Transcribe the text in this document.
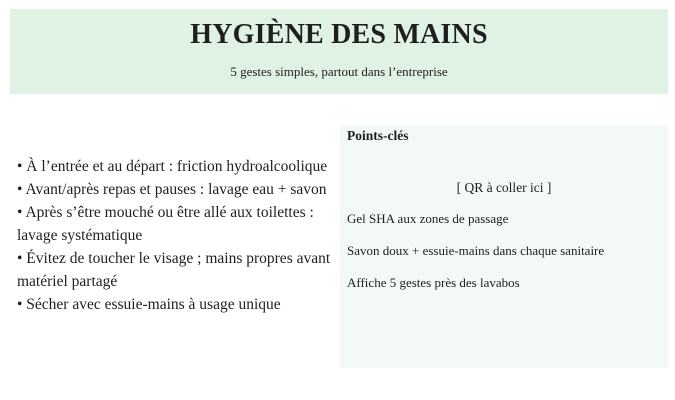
HYGIÈNE DES MAINS
5 gestes simples, partout dans l’entreprise
• À l’entrée et au départ : friction hydroalcoolique
• Avant/après repas et pauses : lavage eau + savon
• Après s’être mouché ou être allé aux toilettes : lavage systématique
• Évitez de toucher le visage ; mains propres avant matériel partagé
• Sécher avec essuie-mains à usage unique
Points-clés
[ QR à coller ici ]
Gel SHA aux zones de passage
Savon doux + essuie-mains dans chaque sanitaire
Affiche 5 gestes près des lavabos
